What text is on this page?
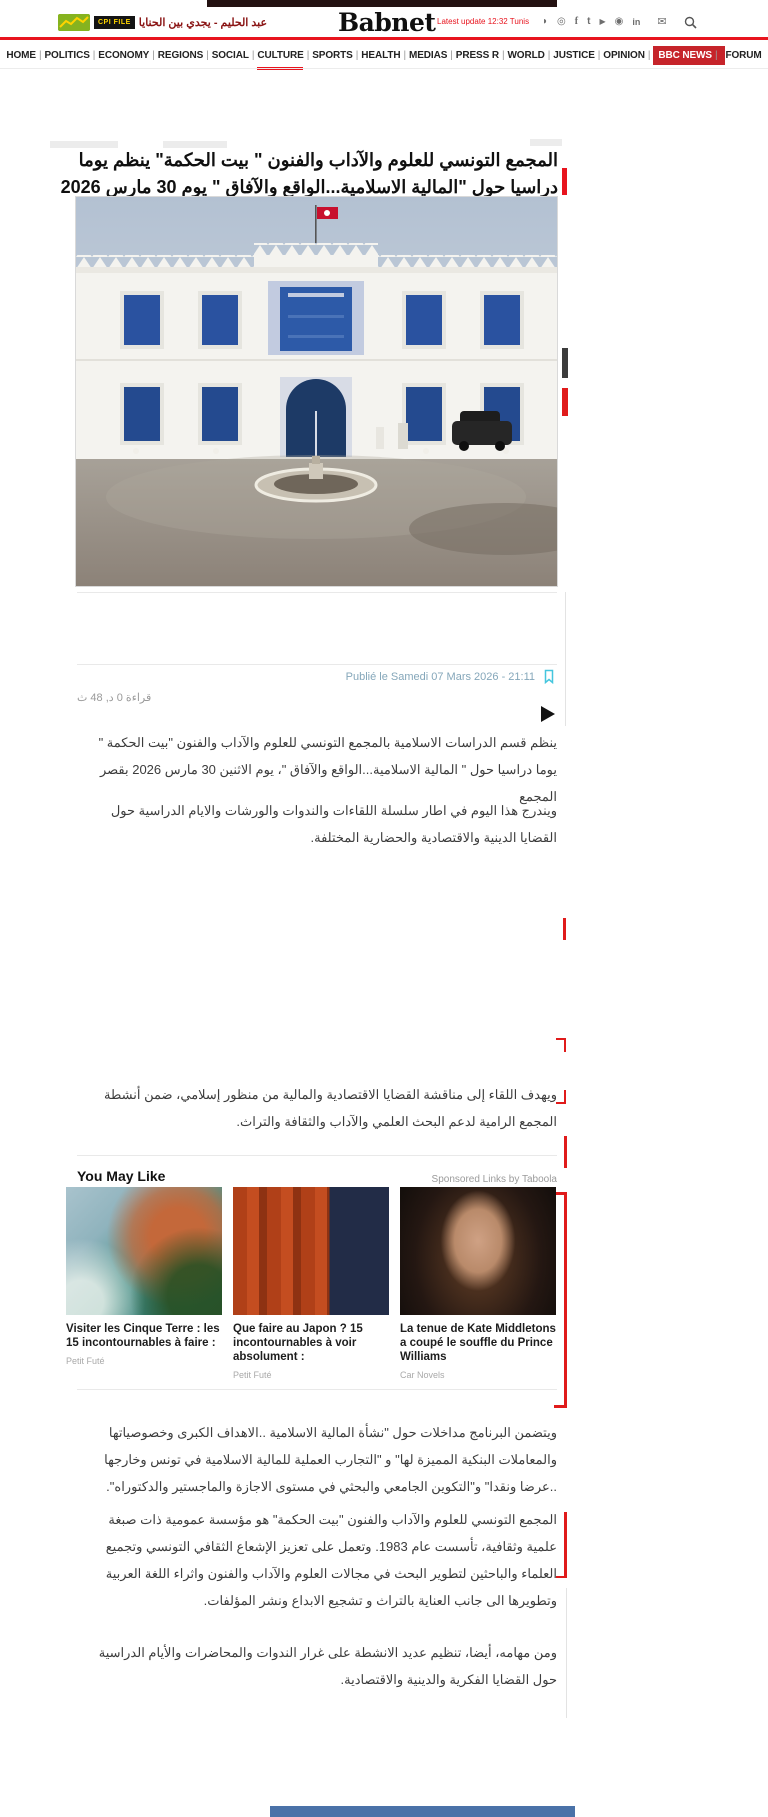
CPI FILE عبد الحليم - يجدي بين الحنايا	Babnet Latest update 12:32 Tunis
◗
◎
f
t
▶
◉
in
✉
HOME | POLITICS | ECONOMY | REGIONS | SOCIAL | CULTURE | SPORTS | HEALTH | MEDIAS | PRESS R | WORLD | JUSTICE | OPINION |	BBC NEWS |	FORUM
المجمع التونسي للعلوم والآداب والفنون " بيت الحكمة" ينظم يوما دراسيا حول "المالية الاسلامية...الواقع والآفاق " يوم 30 مارس 2026
Publié le Samedi 07 Mars 2026 - 21:11
قراءة 0 د, 48 ث

ينظم قسم الدراسات الاسلامية بالمجمع التونسي للعلوم والآداب والفنون "بيت الحكمة " يوما دراسيا حول " المالية الاسلامية...الواقع والآفاق "، يوم الاثنين 30 مارس 2026 بقصر المجمع

ويندرج هذا اليوم في اطار سلسلة اللقاءات والندوات والورشات والايام الدراسية حول القضايا الدينية والاقتصادية والحضارية المختلفة.

ويهدف اللقاء إلى مناقشة القضايا الاقتصادية والمالية من منظور إسلامي، ضمن أنشطة المجمع الرامية لدعم البحث العلمي والآداب والثقافة والتراث.

ويتضمن البرنامج مداخلات حول "نشأة المالية الاسلامية ..الاهداف الكبرى وخصوصياتها والمعاملات البنكية المميزة لها" و "التجارب العملية للمالية الاسلامية في تونس وخارجها ..عرضا ونقدا" و"التكوين الجامعي والبحثي في مستوى الاجازة والماجستير والدكتوراه".

المجمع التونسي للعلوم والآداب والفنون "بيت الحكمة" هو مؤسسة عمومية ذات صبغة علمية وثقافية، تأسست عام 1983. وتعمل على تعزيز الإشعاع الثقافي التونسي وتجميع العلماء والباحثين لتطوير البحث في مجالات العلوم والآداب والفنون واثراء اللغة العربية وتطويرها الى جانب العناية بالتراث و تشجيع الابداع ونشر المؤلفات.

ومن مهامه، أيضا، تنظيم عديد الانشطة على غرار الندوات والمحاضرات والأيام الدراسية حول القضايا الفكرية والدينية والاقتصادية.

You May Like	Sponsored Links by Taboola
Visiter les Cinque Terre : les 15 incontournables à faire :
Petit Futé
Que faire au Japon ? 15 incontournables à voir absolument :
Petit Futé
La tenue de Kate Middletons a coupé le souffle du Prince Williams
Car Novels
